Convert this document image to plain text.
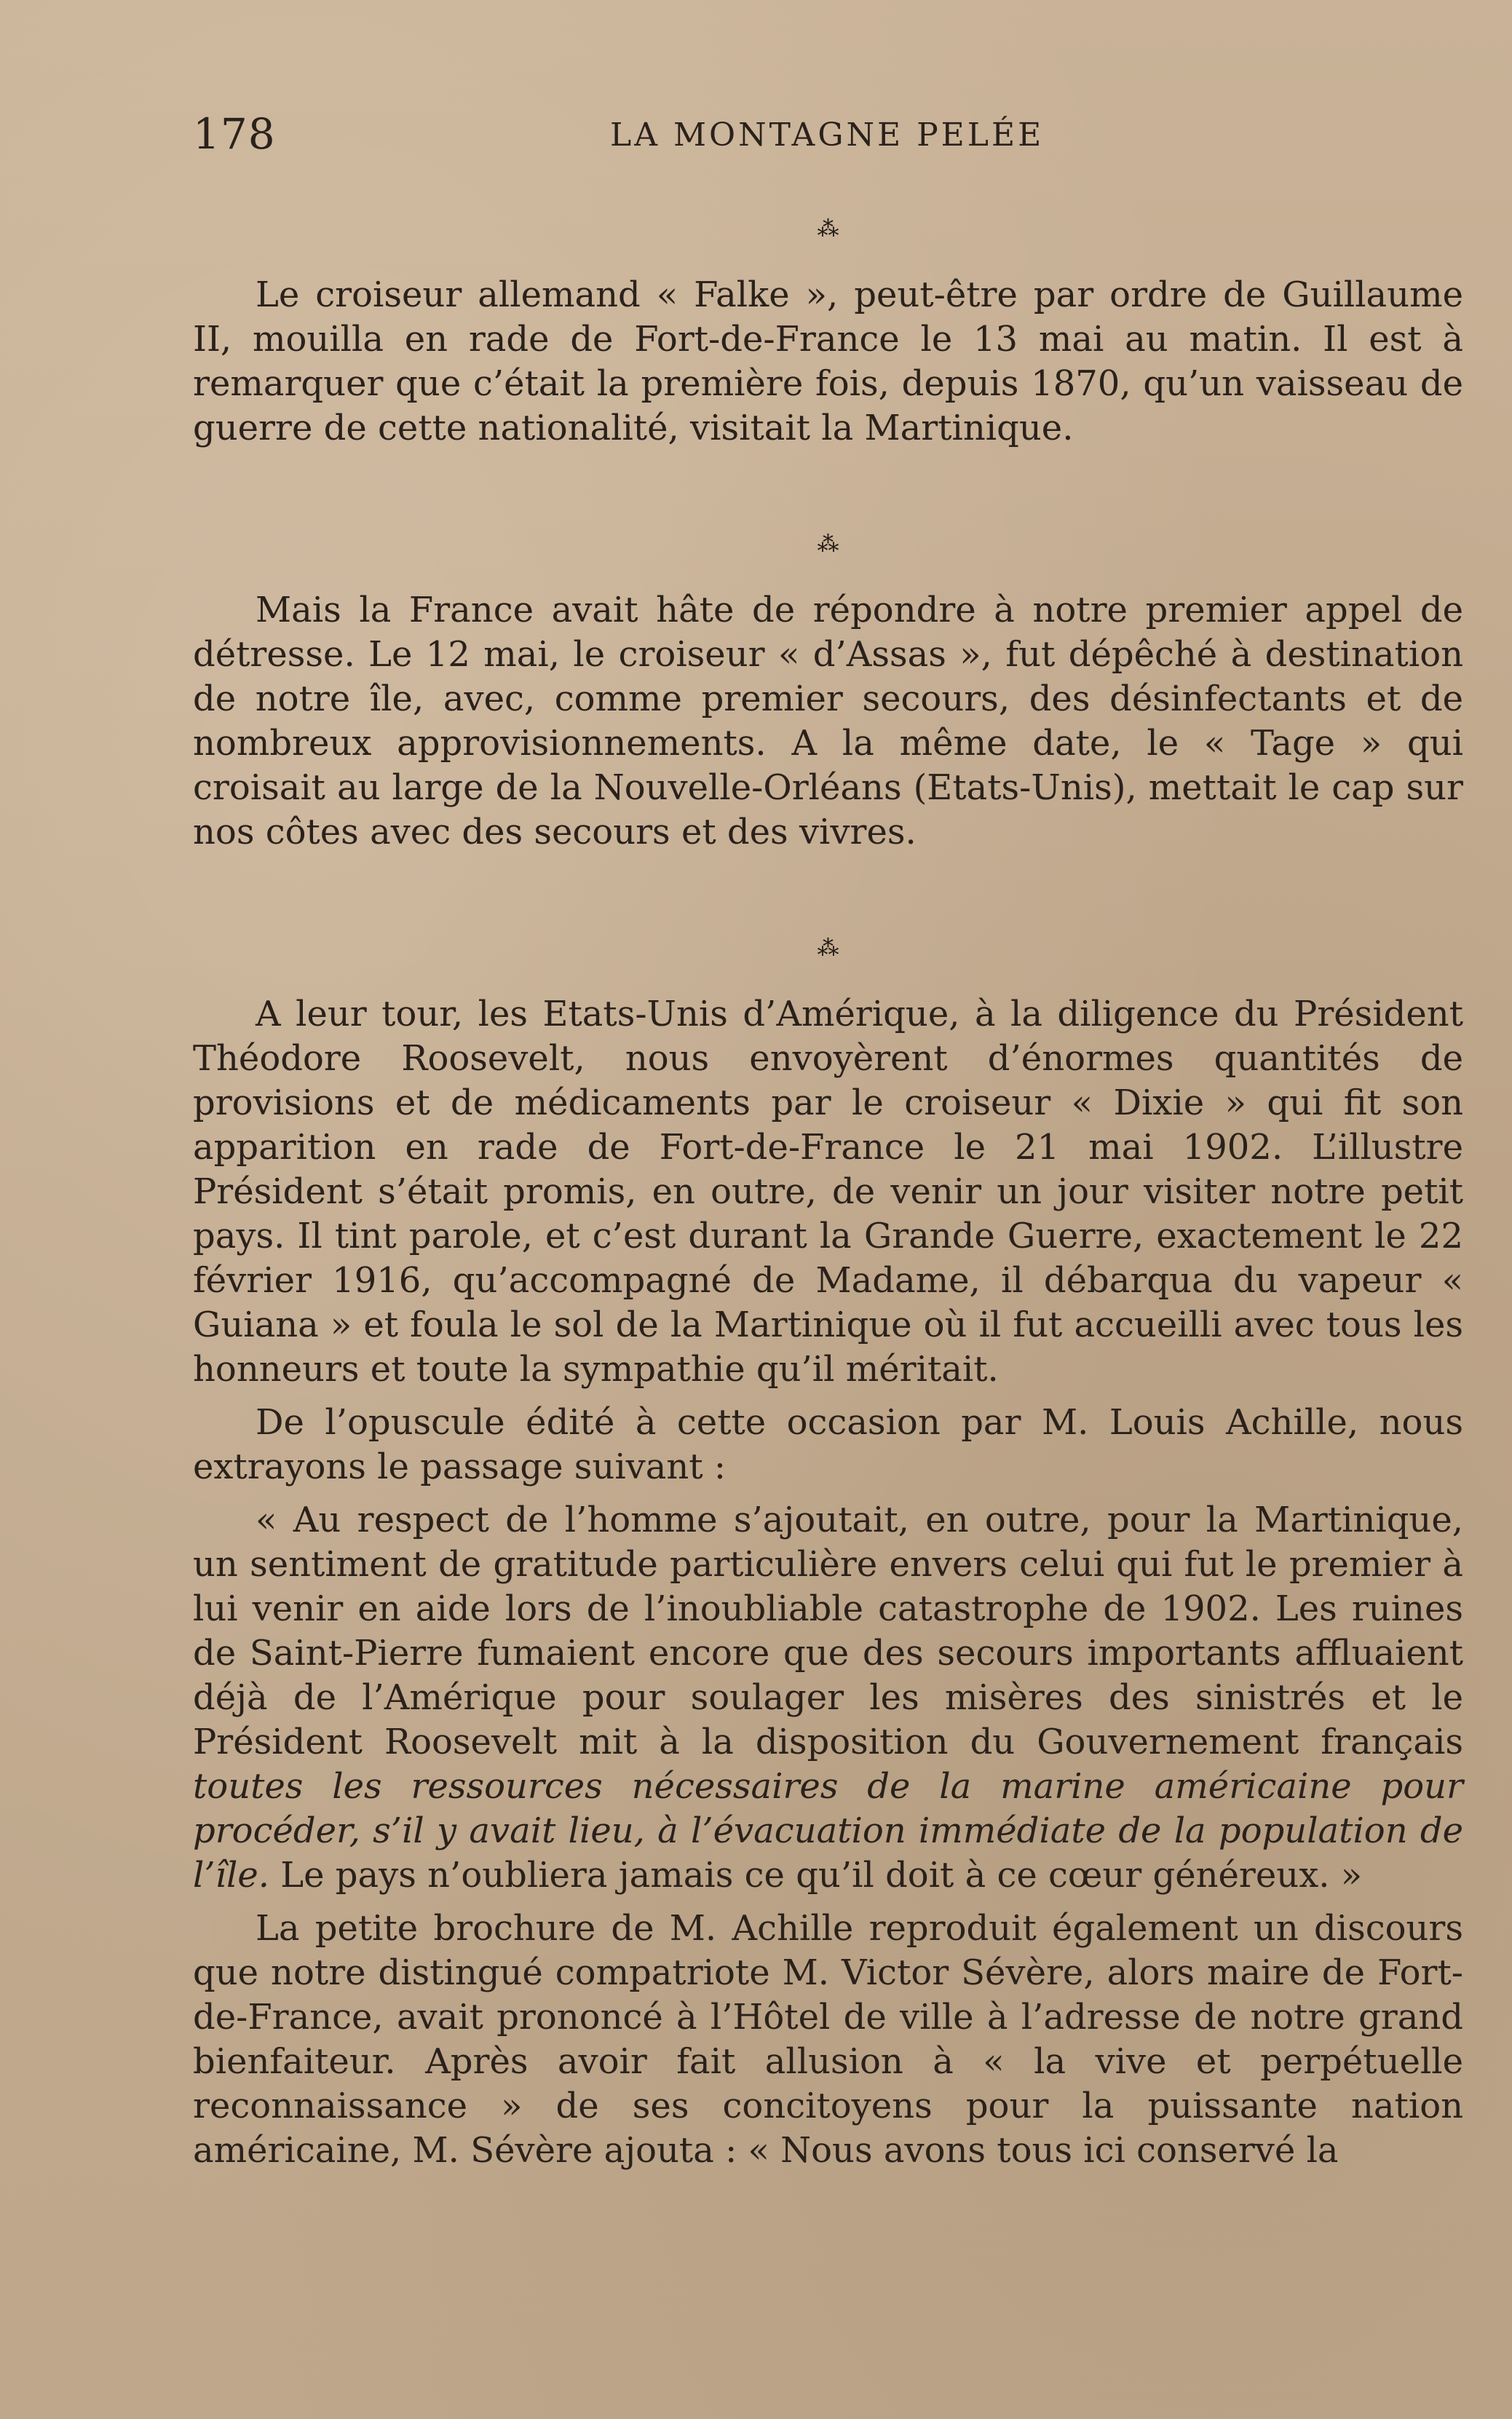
178	LA MONTAGNE PELÉE
⁂

Le croiseur allemand « Falke », peut-être par ordre de Guillaume II, mouilla en rade de Fort-de-France le 13 mai au matin. Il est à remarquer que c’était la première fois, depuis 1870, qu’un vaisseau de guerre de cette nationalité, visitait la Martinique.

⁂

Mais la France avait hâte de répondre à notre premier appel de détresse. Le 12 mai, le croiseur « d’Assas », fut dépêché à destination de notre île, avec, comme premier secours, des désinfectants et de nombreux approvisionnements. A la même date, le « Tage » qui croisait au large de la Nouvelle-Orléans (Etats-Unis), mettait le cap sur nos côtes avec des secours et des vivres.

⁂

A leur tour, les Etats-Unis d’Amérique, à la diligence du Président Théodore Roosevelt, nous envoyèrent d’énormes quantités de provisions et de médicaments par le croiseur « Dixie » qui fit son apparition en rade de Fort-de-France le 21 mai 1902. L’illustre Président s’était promis, en outre, de venir un jour visiter notre petit pays. Il tint parole, et c’est durant la Grande Guerre, exactement le 22 février 1916, qu’accompagné de Madame, il débarqua du vapeur « Guiana » et foula le sol de la Martinique où il fut accueilli avec tous les honneurs et toute la sympathie qu’il méritait.

De l’opuscule édité à cette occasion par M. Louis Achille, nous extrayons le passage suivant :

« Au respect de l’homme s’ajoutait, en outre, pour la Martinique, un sentiment de gratitude particulière envers celui qui fut le premier à lui venir en aide lors de l’inoubliable catastrophe de 1902. Les ruines de Saint-Pierre fumaient encore que des secours importants affluaient déjà de l’Amérique pour soulager les misères des sinistrés et le Président Roosevelt mit à la disposition du Gouvernement français toutes les ressources nécessaires de la marine américaine pour procéder, s’il y avait lieu, à l’évacuation immédiate de la population de l’île. Le pays n’oubliera jamais ce qu’il doit à ce cœur généreux. »

La petite brochure de M. Achille reproduit également un discours que notre distingué compatriote M. Victor Sévère, alors maire de Fort-de-France, avait prononcé à l’Hôtel de ville à l’adresse de notre grand bienfaiteur. Après avoir fait allusion à « la vive et perpétuelle reconnaissance » de ses concitoyens pour la puissante nation américaine, M. Sévère ajouta : « Nous avons tous ici conservé la
